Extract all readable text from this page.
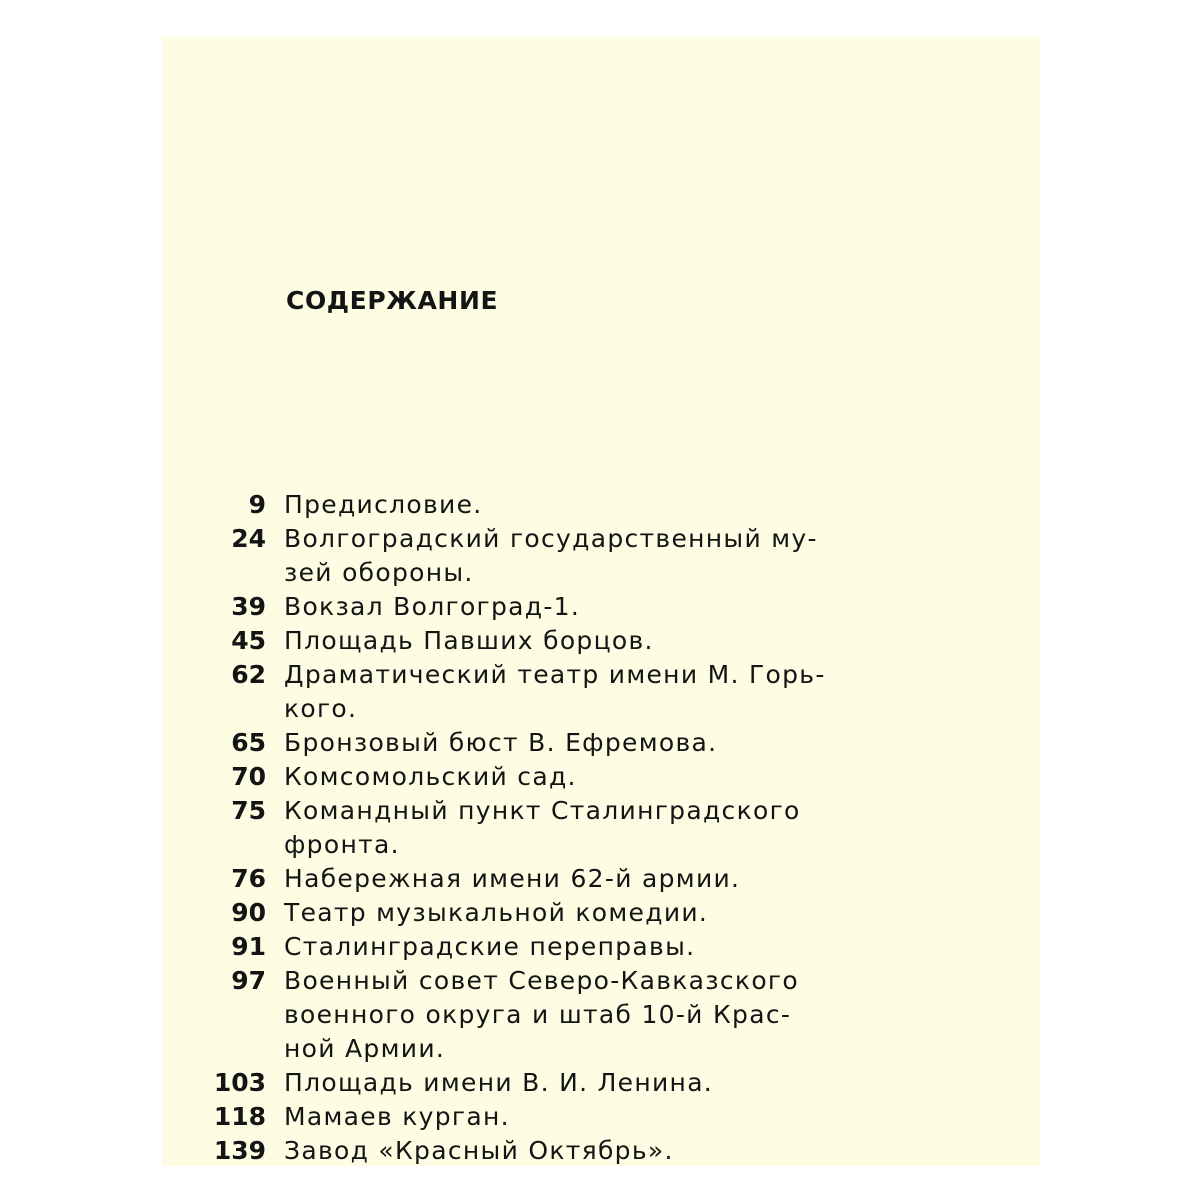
СОДЕРЖАНИЕ
9 Предисловие.
24 Волгоградский государственный му-
зей обороны.
39 Вокзал Волгоград-1.
45 Площадь Павших борцов.
62 Драматический театр имени М. Горь-
кого.
65 Бронзовый бюст В. Ефремова.
70 Комсомольский сад.
75 Командный пункт Сталинградского
фронта.
76 Набережная имени 62-й армии.
90 Театр музыкальной комедии.
91 Сталинградские переправы.
97 Военный совет Северо-Кавказского
военного округа и штаб 10-й Крас-
ной Армии.
103 Площадь имени В. И. Ленина.
118 Мамаев курган.
139 Завод «Красный Октябрь».
